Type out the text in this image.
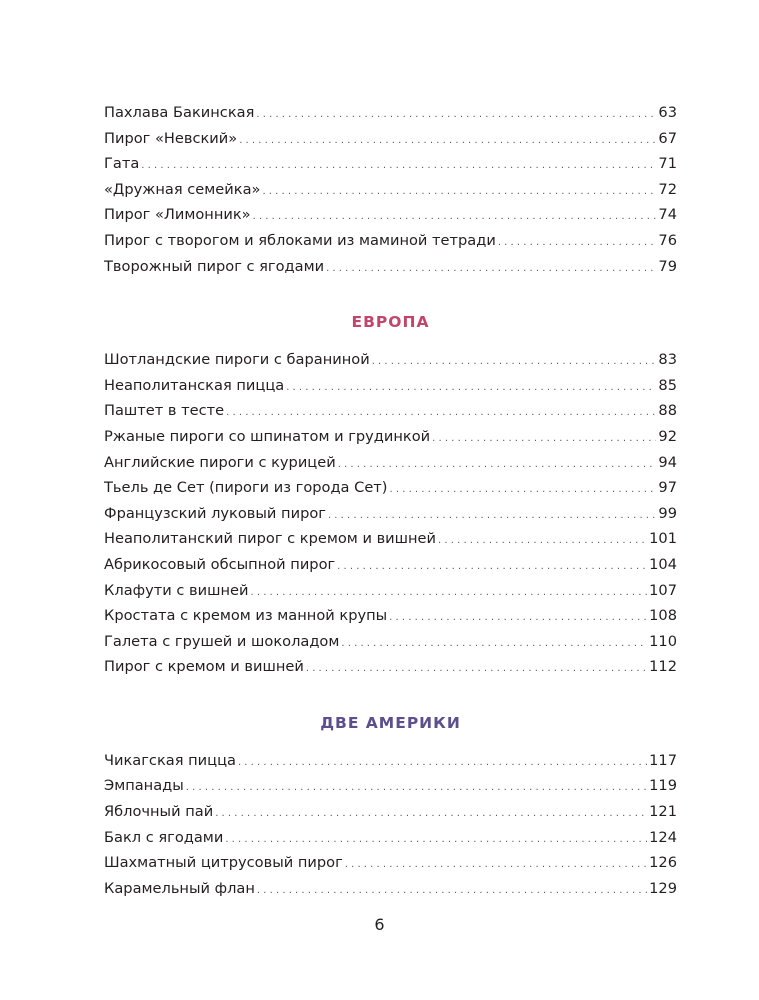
Пахлава Бакинская . . .	63
Пирог «Невский» . . .	67
Гата . . .	71
«Дружная семейка» . . .	72
Пирог «Лимонник» . . .	74
Пирог с творогом и яблоками из маминой тетради . . .	76
Творожный пирог с ягодами . . .	79
ЕВРОПА
Шотландские пироги с бараниной . . .	83
Неаполитанская пицца . . .	85
Паштет в тесте . . .	88
Ржаные пироги со шпинатом и грудинкой . . .	92
Английские пироги с курицей . . .	94
Тьель де Сет (пироги из города Сет) . . .	97
Французский луковый пирог . . .	99
Неаполитанский пирог с кремом и вишней . . .	101
Абрикосовый обсыпной пирог . . .	104
Клафути с вишней . . .	107
Кростата с кремом из манной крупы . . .	108
Галета с грушей и шоколадом . . .	110
Пирог с кремом и вишней . . .	112
ДВЕ АМЕРИКИ
Чикагская пицца . . .	117
Эмпанады . . .	119
Яблочный пай . . .	121
Бакл с ягодами . . .	124
Шахматный цитрусовый пирог . . .	126
Карамельный флан . . .	129
6
